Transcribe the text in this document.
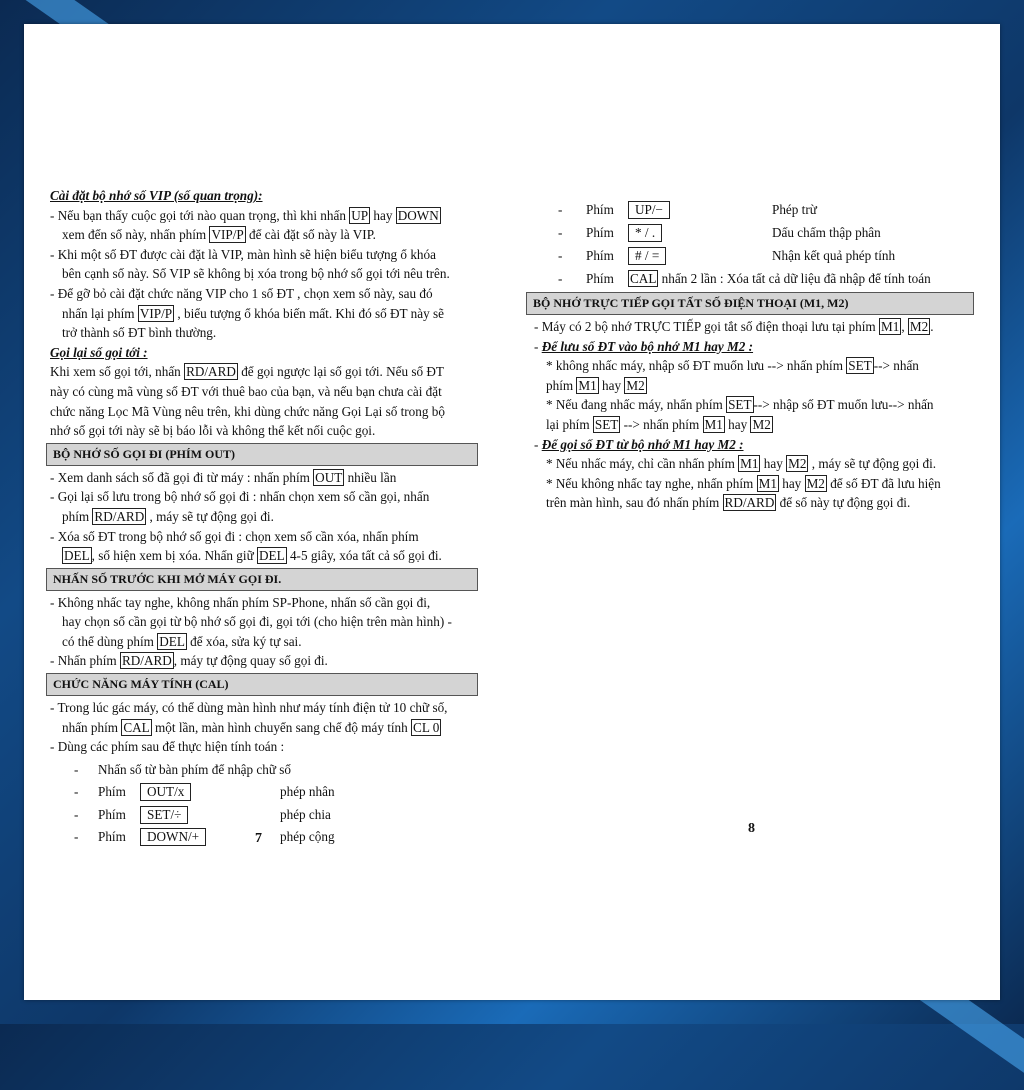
Cài đặt bộ nhớ số VIP (số quan trọng):
- Nếu bạn thấy cuộc gọi tới nào quan trọng, thì khi nhấn UP hay DOWN
xem đến số này, nhấn phím VIP/P để cài đặt số này là VIP.
- Khi một số ĐT được cài đặt là VIP, màn hình sẽ hiện biểu tượng ổ khóa
bên cạnh số này. Số VIP sẽ không bị xóa trong bộ nhớ số gọi tới nêu trên.
- Để gỡ bỏ cài đặt chức năng VIP cho 1 số ĐT , chọn xem số này, sau đó
nhấn lại phím VIP/P , biểu tượng ổ khóa biến mất. Khi đó số ĐT này sẽ
trở thành số ĐT bình thường.
Gọi lại số gọi tới :
Khi xem số gọi tới, nhấn RD/ARD để gọi ngược lại số gọi tới. Nếu số ĐT
này có cùng mã vùng số ĐT với thuê bao của bạn, và nếu bạn chưa cài đặt
chức năng Lọc Mã Vùng nêu trên, khi dùng chức năng Gọi Lại số trong bộ
nhớ số gọi tới này sẽ bị báo lỗi và không thể kết nối cuộc gọi.
BỘ NHỚ SỐ GỌI ĐI (PHÍM OUT)
- Xem danh sách số đã gọi đi từ máy : nhấn phím OUT nhiều lần
- Gọi lại số lưu trong bộ nhớ số gọi đi : nhấn chọn xem số cần gọi, nhấn
phím RD/ARD , máy sẽ tự động gọi đi.
- Xóa số ĐT trong bộ nhớ số gọi đi : chọn xem số cần xóa, nhấn phím
DEL , số hiện xem bị xóa. Nhấn giữ DEL 4-5 giây, xóa tất cả số gọi đi.
NHẤN SỐ TRƯỚC KHI MỞ MÁY GỌI ĐI.
- Không nhấc tay nghe, không nhấn phím SP-Phone, nhấn số cần gọi đi,
hay chọn số cần gọi từ bộ nhớ số gọi đi, gọi tới (cho hiện trên màn hình) -
có thể dùng phím DEL để xóa, sửa ký tự sai.
- Nhấn phím RD/ARD , máy tự động quay số gọi đi.
CHỨC NĂNG MÁY TÍNH (CAL)
- Trong lúc gác máy, có thể dùng màn hình như máy tính điện tử 10 chữ số,
nhấn phím CAL một lần, màn hình chuyển sang chế độ máy tính CL 0
- Dùng các phím sau để thực hiện tính toán :
-	Nhấn số từ bàn phím để nhập chữ số
-	Phím	OUT/x	phép nhân
-	Phím	SET/÷	phép chia
-	Phím	DOWN/+	phép cộng
7
-	Phím	UP/−	Phép trừ
-	Phím	* / .	Dấu chấm thập phân
-	Phím	# / =	Nhận kết quả phép tính
-	Phím	CAL nhấn 2 lần : Xóa tất cả dữ liệu đã nhập để tính toán
BỘ NHỚ TRỰC TIẾP GỌI TẤT SỐ ĐIỆN THOẠI (M1, M2)
- Máy có 2 bộ nhớ TRỰC TIẾP gọi tắt số điện thoại lưu tại phím M1 , M2 .
- Để lưu số ĐT vào bộ nhớ M1 hay M2 :
* không nhấc máy, nhập số ĐT muốn lưu --> nhấn phím SET --> nhấn
phím M1 hay M2
* Nếu đang nhấc máy, nhấn phím SET --> nhập số ĐT muốn lưu--> nhấn
lại phím SET --> nhấn phím M1 hay M2
- Để gọi số ĐT từ bộ nhớ M1 hay M2 :
* Nếu nhấc máy, chỉ cần nhấn phím M1 hay M2 , máy sẽ tự động gọi đi.
* Nếu không nhấc tay nghe, nhấn phím M1 hay M2 để số ĐT đã lưu hiện
trên màn hình, sau đó nhấn phím RD/ARD để số này tự động gọi đi.
8
